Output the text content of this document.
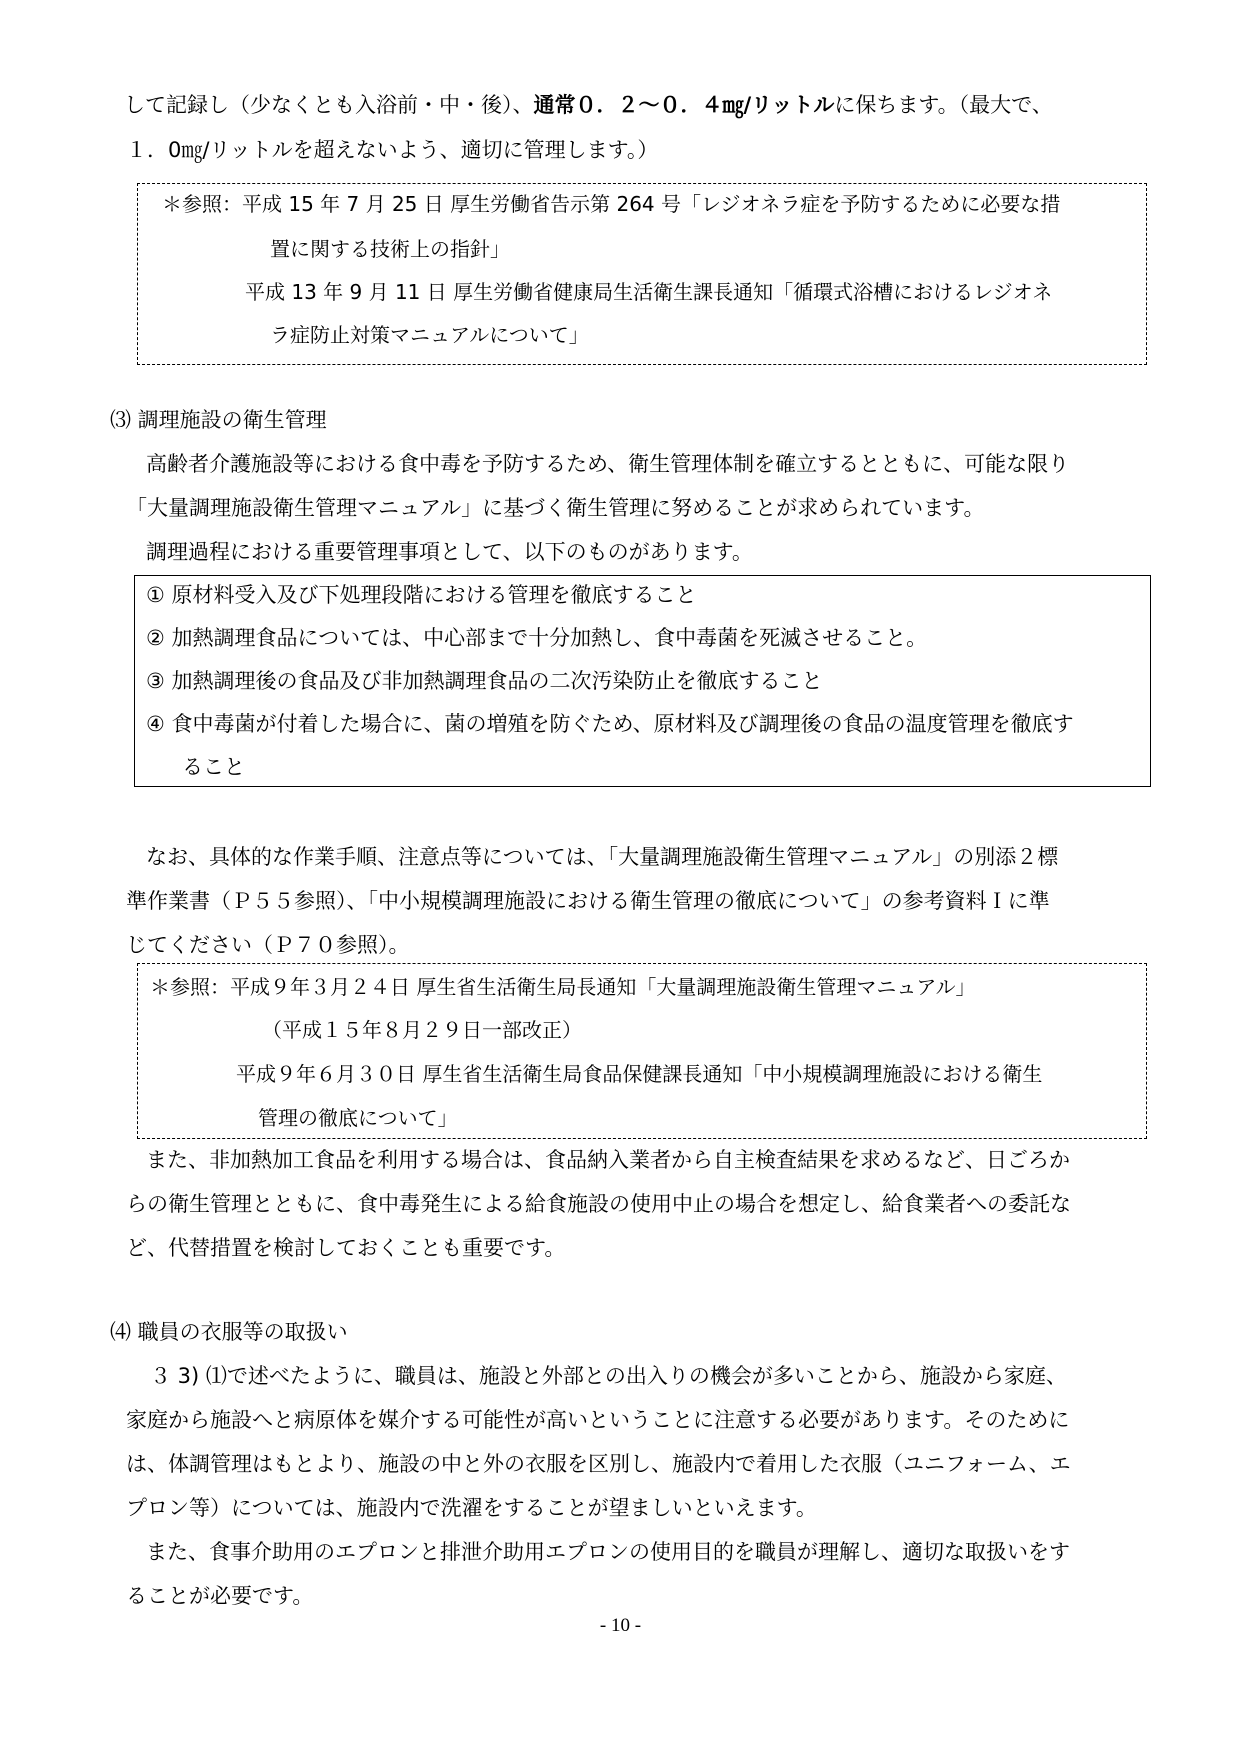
して記録し（少なくとも入浴前・中・後）、通常０．２～０．４㎎/リットルに保ちます。（最大で、
１．0㎎/リットルを超えないよう、適切に管理します。）
＊参照：平成 15 年 7 月 25 日 厚生労働省告示第 264 号「レジオネラ症を予防するために必要な措
置に関する技術上の指針」
平成 13 年 9 月 11 日 厚生労働省健康局生活衛生課長通知「循環式浴槽におけるレジオネ
ラ症防止対策マニュアルについて」
⑶ 調理施設の衛生管理
高齢者介護施設等における食中毒を予防するため、衛生管理体制を確立するとともに、可能な限り
「大量調理施設衛生管理マニュアル」に基づく衛生管理に努めることが求められています。
調理過程における重要管理事項として、以下のものがあります。
① 原材料受入及び下処理段階における管理を徹底すること
② 加熱調理食品については、中心部まで十分加熱し、食中毒菌を死滅させること。
③ 加熱調理後の食品及び非加熱調理食品の二次汚染防止を徹底すること
④ 食中毒菌が付着した場合に、菌の増殖を防ぐため、原材料及び調理後の食品の温度管理を徹底す
ること
なお、具体的な作業手順、注意点等については、「大量調理施設衛生管理マニュアル」の別添２標
準作業書（Ｐ５５参照）、「中小規模調理施設における衛生管理の徹底について」の参考資料Ｉに準
じてください（Ｐ７０参照）。
＊参照：平成９年３月２４日 厚生省生活衛生局長通知「大量調理施設衛生管理マニュアル」
（平成１５年８月２９日一部改正）
平成９年６月３０日 厚生省生活衛生局食品保健課長通知「中小規模調理施設における衛生
管理の徹底について」
また、非加熱加工食品を利用する場合は、食品納入業者から自主検査結果を求めるなど、日ごろか
らの衛生管理とともに、食中毒発生による給食施設の使用中止の場合を想定し、給食業者への委託な
ど、代替措置を検討しておくことも重要です。
⑷ 職員の衣服等の取扱い
３ 3) ⑴で述べたように、職員は、施設と外部との出入りの機会が多いことから、施設から家庭、
家庭から施設へと病原体を媒介する可能性が高いということに注意する必要があります。そのために
は、体調管理はもとより、施設の中と外の衣服を区別し、施設内で着用した衣服（ユニフォーム、エ
プロン等）については、施設内で洗濯をすることが望ましいといえます。
また、食事介助用のエプロンと排泄介助用エプロンの使用目的を職員が理解し、適切な取扱いをす
ることが必要です。
- 10 -
